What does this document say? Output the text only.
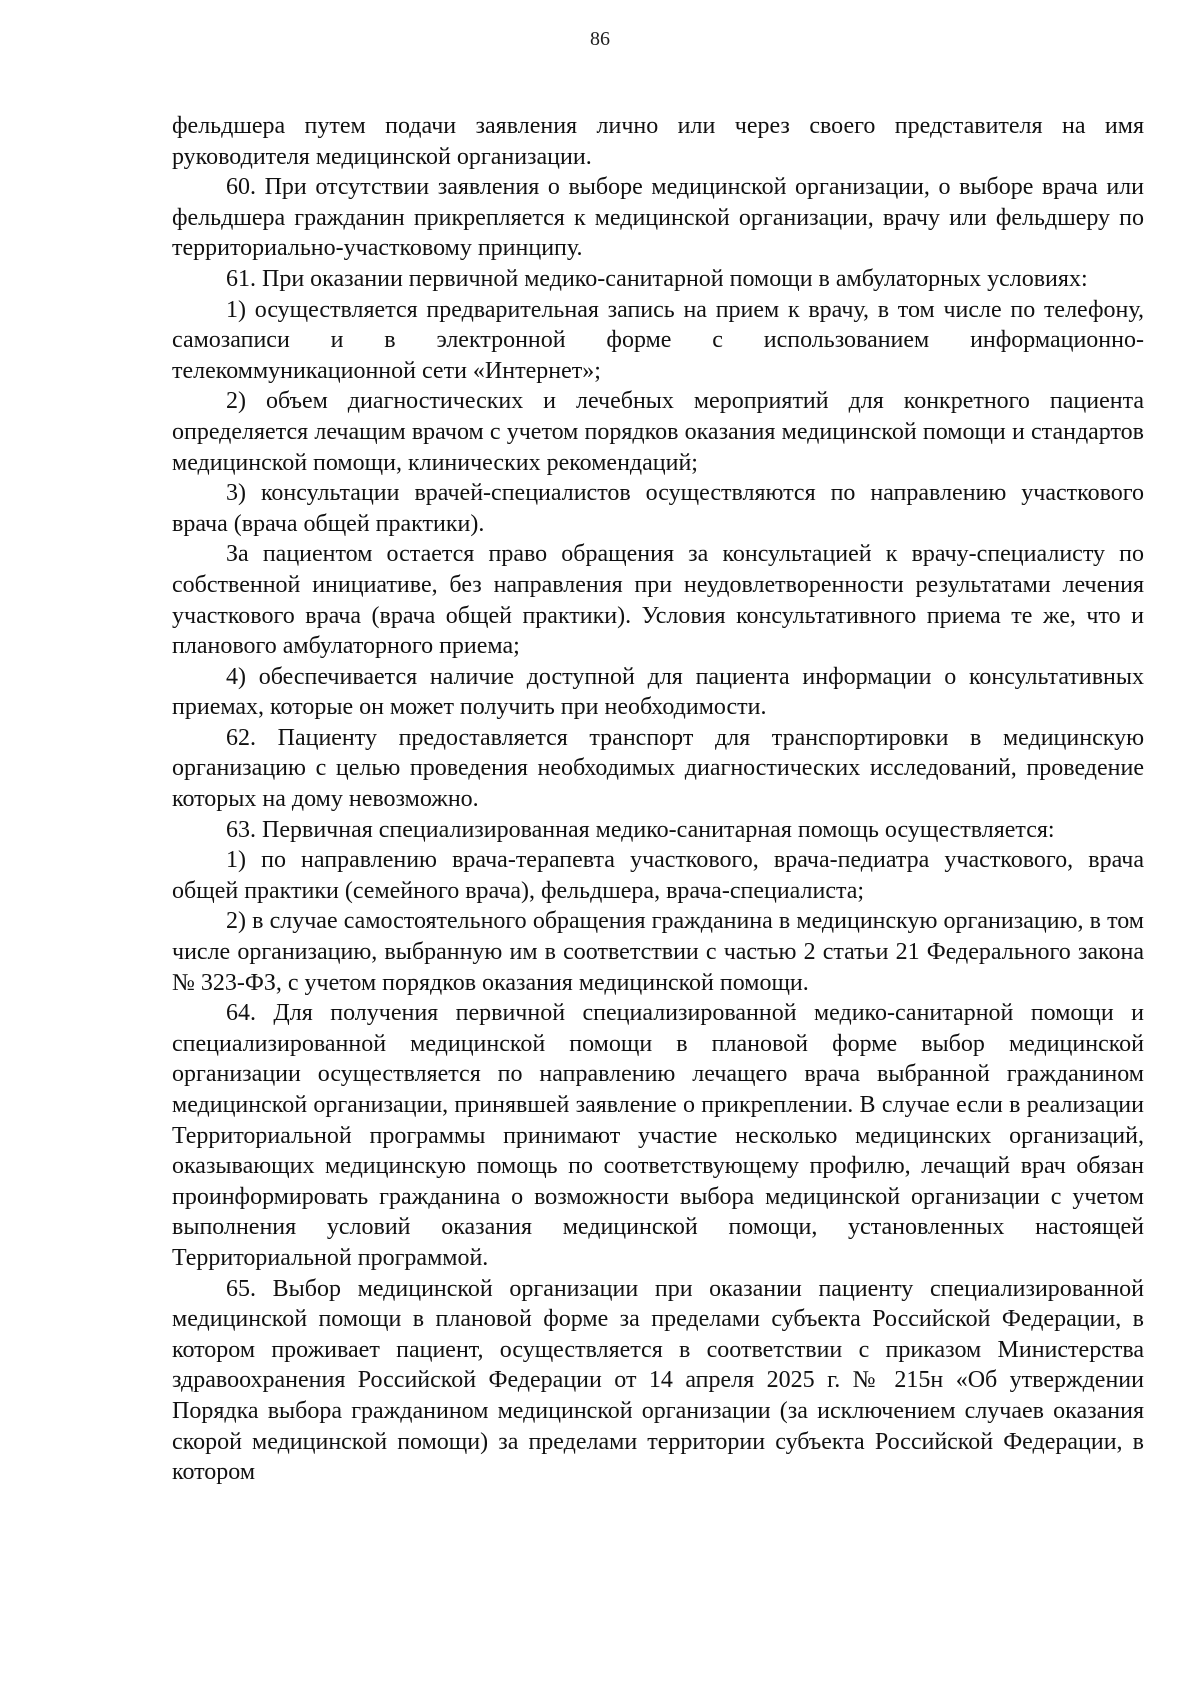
86

фельдшера путем подачи заявления лично или через своего представителя на имя руководителя медицинской организации.

60. При отсутствии заявления о выборе медицинской организации, о выборе врача или фельдшера гражданин прикрепляется к медицинской организации, врачу или фельдшеру по территориально-участковому принципу.

61. При оказании первичной медико-санитарной помощи в амбулаторных условиях:

1) осуществляется предварительная запись на прием к врачу, в том числе по телефону, самозаписи и в электронной форме с использованием информационно-телекоммуникационной сети «Интернет»;

2) объем диагностических и лечебных мероприятий для конкретного пациента определяется лечащим врачом с учетом порядков оказания медицинской помощи и стандартов медицинской помощи, клинических рекомендаций;

3) консультации врачей-специалистов осуществляются по направлению участкового врача (врача общей практики).

За пациентом остается право обращения за консультацией к врачу-специалисту по собственной инициативе, без направления при неудовлетворенности результатами лечения участкового врача (врача общей практики). Условия консультативного приема те же, что и планового амбулаторного приема;

4) обеспечивается наличие доступной для пациента информации о консультативных приемах, которые он может получить при необходимости.

62. Пациенту предоставляется транспорт для транспортировки в медицинскую организацию с целью проведения необходимых диагностических исследований, проведение которых на дому невозможно.

63. Первичная специализированная медико-санитарная помощь осуществляется:

1) по направлению врача-терапевта участкового, врача-педиатра участкового, врача общей практики (семейного врача), фельдшера, врача-специалиста;

2) в случае самостоятельного обращения гражданина в медицинскую организацию, в том числе организацию, выбранную им в соответствии с частью 2 статьи 21 Федерального закона № 323-ФЗ, с учетом порядков оказания медицинской помощи.

64. Для получения первичной специализированной медико-санитарной помощи и специализированной медицинской помощи в плановой форме выбор медицинской организации осуществляется по направлению лечащего врача выбранной гражданином медицинской организации, принявшей заявление о прикреплении. В случае если в реализации Территориальной программы принимают участие несколько медицинских организаций, оказывающих медицинскую помощь по соответствующему профилю, лечащий врач обязан проинформировать гражданина о возможности выбора медицинской организации с учетом выполнения условий оказания медицинской помощи, установленных настоящей Территориальной программой.

65. Выбор медицинской организации при оказании пациенту специализированной медицинской помощи в плановой форме за пределами субъекта Российской Федерации, в котором проживает пациент, осуществляется в соответствии с приказом Министерства здравоохранения Российской Федерации от 14 апреля 2025 г. № 215н «Об утверждении Порядка выбора гражданином медицинской организации (за исключением случаев оказания скорой медицинской помощи) за пределами территории субъекта Российской Федерации, в котором
